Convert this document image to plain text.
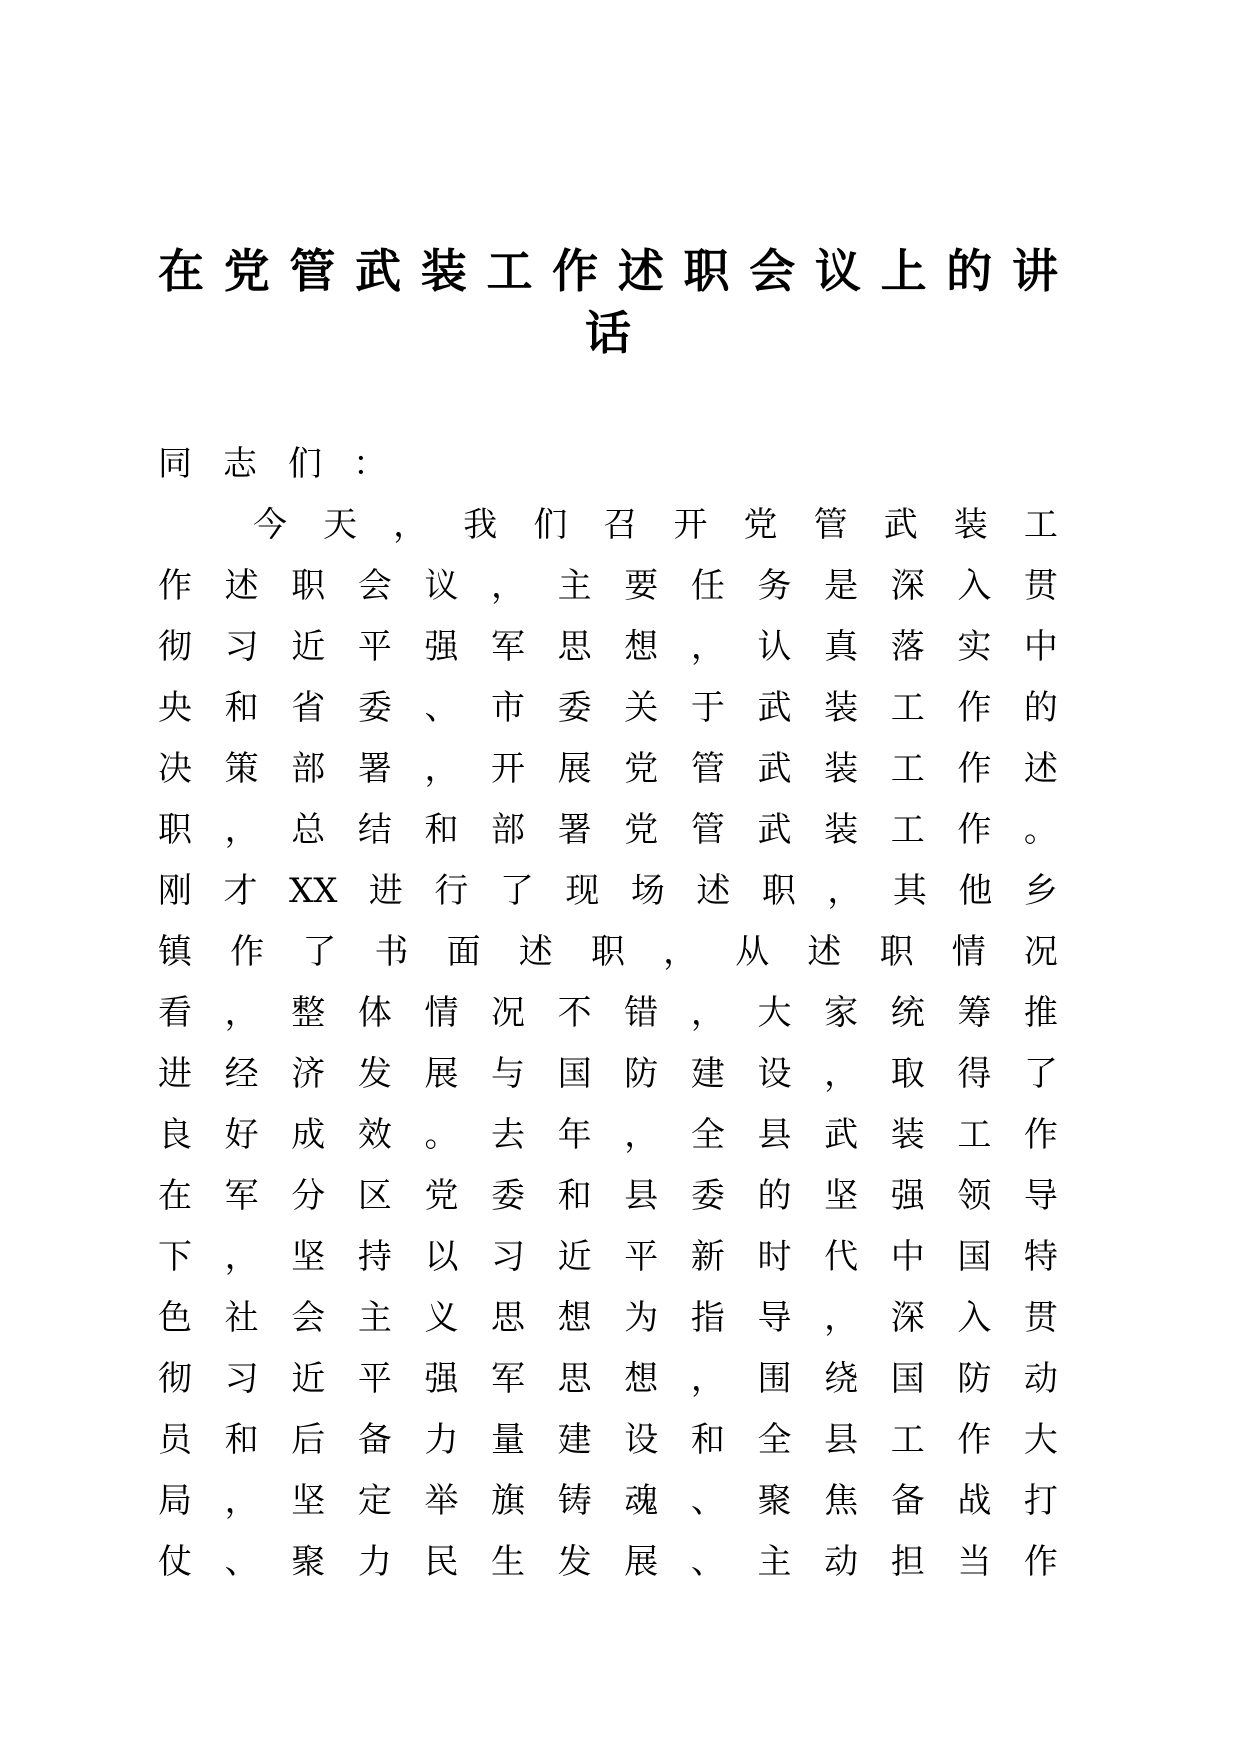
在 党 管 武 装 工 作 述 职 会 议 上 的 讲
话
同 志 们 ：
今 天 ， 我 们 召 开 党 管 武 装 工
作 述 职 会 议 ， 主 要 任 务 是 深 入 贯
彻 习 近 平 强 军 思 想 ， 认 真 落 实 中
央 和 省 委 、 市 委 关 于 武 装 工 作 的
决 策 部 署 ， 开 展 党 管 武 装 工 作 述
职 ， 总 结 和 部 署 党 管 武 装 工 作 。
刚 才 XX 进 行 了 现 场 述 职 ， 其 他 乡
镇 作 了 书 面 述 职 ， 从 述 职 情 况
看 ， 整 体 情 况 不 错 ， 大 家 统 筹 推
进 经 济 发 展 与 国 防 建 设 ， 取 得 了
良 好 成 效 。 去 年 ， 全 县 武 装 工 作
在 军 分 区 党 委 和 县 委 的 坚 强 领 导
下 ， 坚 持 以 习 近 平 新 时 代 中 国 特
色 社 会 主 义 思 想 为 指 导 ， 深 入 贯
彻 习 近 平 强 军 思 想 ， 围 绕 国 防 动
员 和 后 备 力 量 建 设 和 全 县 工 作 大
局 ， 坚 定 举 旗 铸 魂 、 聚 焦 备 战 打
仗 、 聚 力 民 生 发 展 、 主 动 担 当 作
